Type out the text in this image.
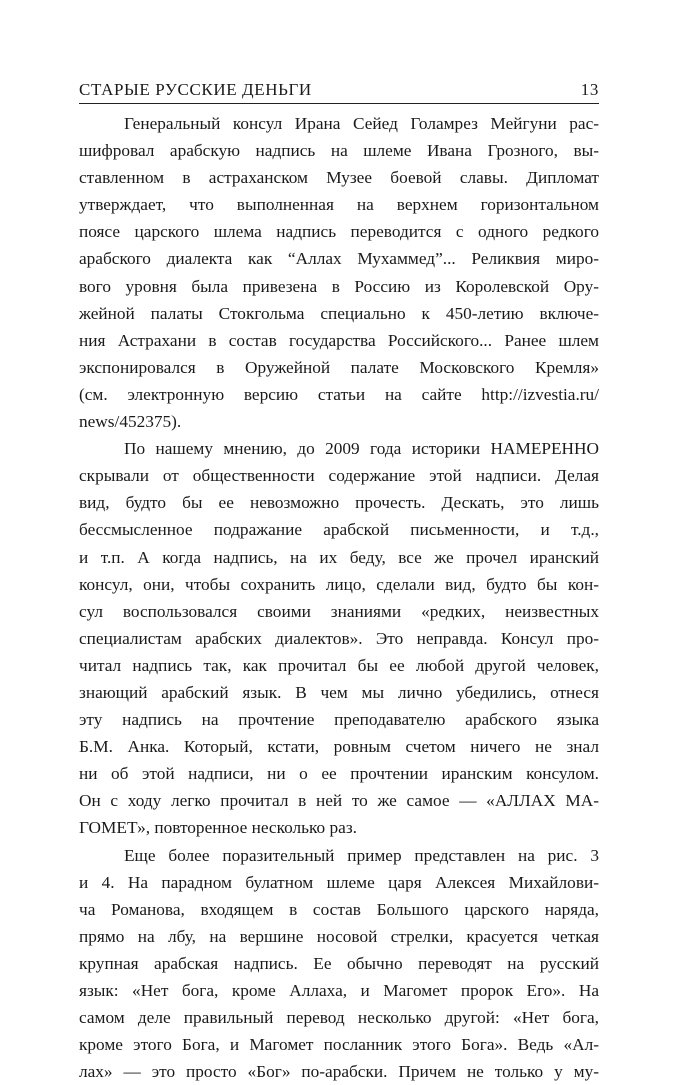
СТАРЫЕ РУССКИЕ ДЕНЬГИ	13
Генеральный консул Ирана Сейед Голамрез Мейгуни рас-
шифровал арабскую надпись на шлеме Ивана Грозного, вы-
ставленном в астраханском Музее боевой славы. Дипломат
утверждает, что выполненная на верхнем горизонтальном
поясе царского шлема надпись переводится с одного редкого
арабского диалекта как “Аллах Мухаммед”... Реликвия миро-
вого уровня была привезена в Россию из Королевской Ору-
жейной палаты Стокгольма специально к 450-летию включе-
ния Астрахани в состав государства Российского... Ранее шлем
экспонировался в Оружейной палате Московского Кремля»
(см. электронную версию статьи на сайте http://izvestia.ru/
news/452375).
По нашему мнению, до 2009 года историки НАМЕРЕННО
скрывали от общественности содержание этой надписи. Делая
вид, будто бы ее невозможно прочесть. Дескать, это лишь
бессмысленное подражание арабской письменности, и т.д.,
и т.п. А когда надпись, на их беду, все же прочел иранский
консул, они, чтобы сохранить лицо, сделали вид, будто бы кон-
сул воспользовался своими знаниями «редких, неизвестных
специалистам арабских диалектов». Это неправда. Консул про-
читал надпись так, как прочитал бы ее любой другой человек,
знающий арабский язык. В чем мы лично убедились, отнеся
эту надпись на прочтение преподавателю арабского языка
Б.М. Анка. Который, кстати, ровным счетом ничего не знал
ни об этой надписи, ни о ее прочтении иранским консулом.
Он с ходу легко прочитал в ней то же самое — «АЛЛАХ МА-
ГОМЕТ», повторенное несколько раз.
Еще более поразительный пример представлен на рис. 3
и 4. На парадном булатном шлеме царя Алексея Михайлови-
ча Романова, входящем в состав Большого царского наряда,
прямо на лбу, на вершине носовой стрелки, красуется четкая
крупная арабская надпись. Ее обычно переводят на русский
язык: «Нет бога, кроме Аллаха, и Магомет пророк Его». На
самом деле правильный перевод несколько другой: «Нет бога,
кроме этого Бога, и Магомет посланник этого Бога». Ведь «Ал-
лах» — это просто «Бог» по-арабски. Причем не только у му-
